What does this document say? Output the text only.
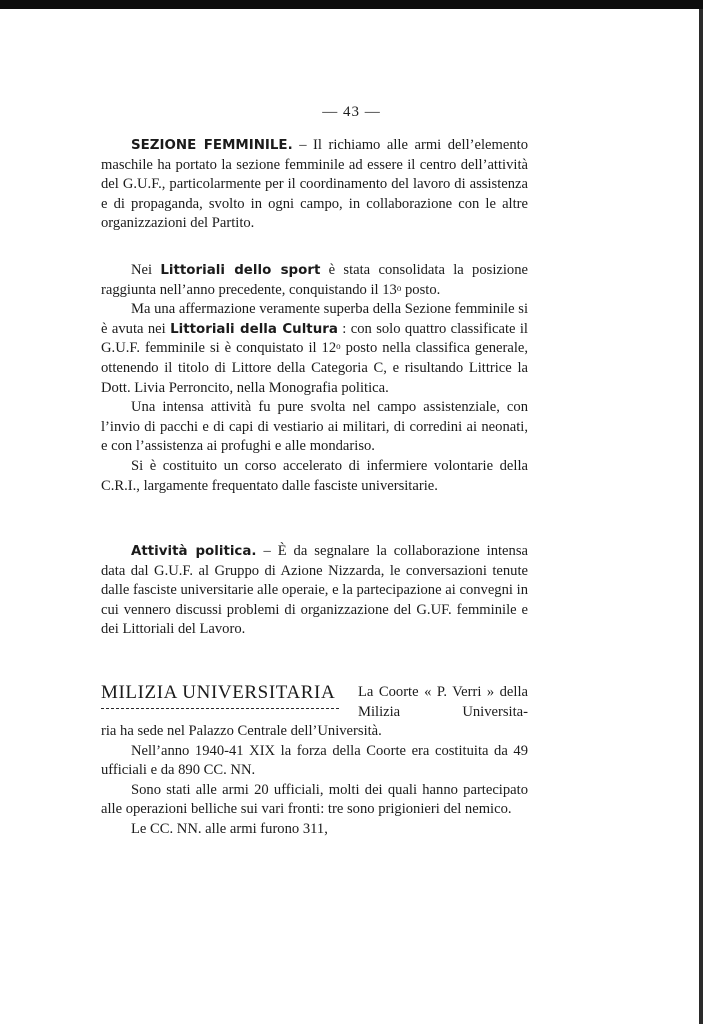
— 43 —

SEZIONE FEMMINILE. – Il richiamo alle armi dell’elemento maschile ha portato la sezione femminile ad essere il centro dell’attività del G.U.F., particolarmente per il coordinamento del lavoro di assistenza e di propaganda, svolto in ogni campo, in collaborazione con le altre organizzazioni del Partito.

Nei Littoriali dello sport è stata consolidata la posizione raggiunta nell’anno precedente, conquistando il 13$^o$ posto.

Ma una affermazione veramente superba della Sezione femminile si è avuta nei Littoriali della Cultura : con solo quattro classificate il G.U.F. femminile si è conquistato il 12$^o$ posto nella classifica generale, ottenendo il titolo di Littore della Categoria C, e risultando Littrice la Dott. Livia Perroncito, nella Monografia politica.

Una intensa attività fu pure svolta nel campo assistenziale, con l’invio di pacchi e di capi di vestiario ai militari, di corredini ai neonati, e con l’assistenza ai profughi e alle mondariso.

Si è costituito un corso accelerato di infermiere volontarie della C.R.I., largamente frequentato dalle fasciste universitarie.

Attività politica. – È da segnalare la collaborazione intensa data dal G.U.F. al Gruppo di Azione Nizzarda, le conversazioni tenute dalle fasciste universitarie alle operaie, e la partecipazione ai convegni in cui vennero discussi problemi di organizzazione del G.UF. femminile e dei Littoriali del Lavoro.

MILIZIA UNIVERSITARIA La Coorte « P. Verri » della Milizia Universita-

ria ha sede nel Palazzo Centrale dell’Università.

Nell’anno 1940-41 XIX la forza della Coorte era costituita da 49 ufficiali e da 890 CC. NN.

Sono stati alle armi 20 ufficiali, molti dei quali hanno partecipato alle operazioni belliche sui vari fronti: tre sono prigionieri del nemico.

Le CC. NN. alle armi furono 311,
